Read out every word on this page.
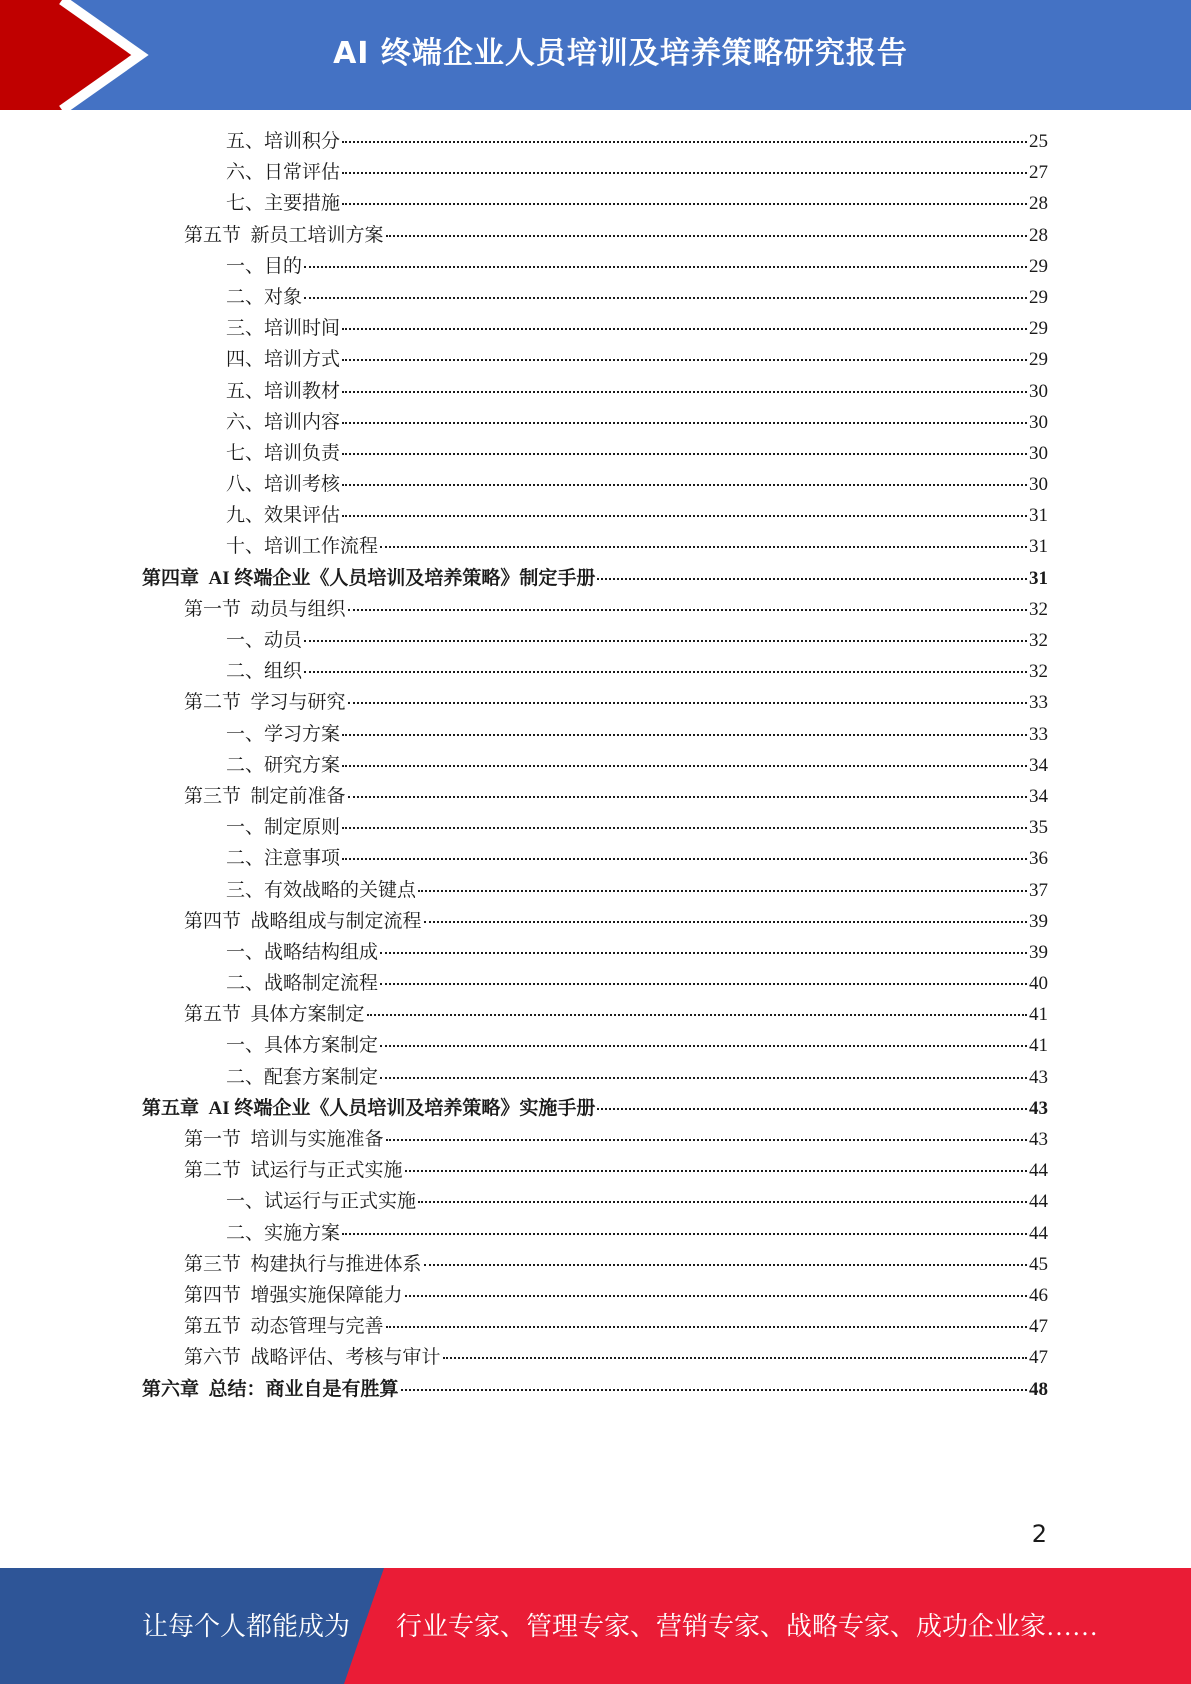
AI 终端企业人员培训及培养策略研究报告
五、培训积分	25
六、日常评估	27
七、主要措施	28
第五节  新员工培训方案	28
一、目的	29
二、对象	29
三、培训时间	29
四、培训方式	29
五、培训教材	30
六、培训内容	30
七、培训负责	30
八、培训考核	30
九、效果评估	31
十、培训工作流程	31
第四章  AI 终端企业《人员培训及培养策略》制定手册	31
第一节  动员与组织	32
一、动员	32
二、组织	32
第二节  学习与研究	33
一、学习方案	33
二、研究方案	34
第三节  制定前准备	34
一、制定原则	35
二、注意事项	36
三、有效战略的关键点	37
第四节  战略组成与制定流程	39
一、战略结构组成	39
二、战略制定流程	40
第五节  具体方案制定	41
一、具体方案制定	41
二、配套方案制定	43
第五章  AI 终端企业《人员培训及培养策略》实施手册	43
第一节  培训与实施准备	43
第二节  试运行与正式实施	44
一、试运行与正式实施	44
二、实施方案	44
第三节  构建执行与推进体系	45
第四节  增强实施保障能力	46
第五节  动态管理与完善	47
第六节  战略评估、考核与审计	47
第六章  总结：商业自是有胜算	48
2
让每个人都能成为 行业专家、管理专家、营销专家、战略专家、成功企业家……
